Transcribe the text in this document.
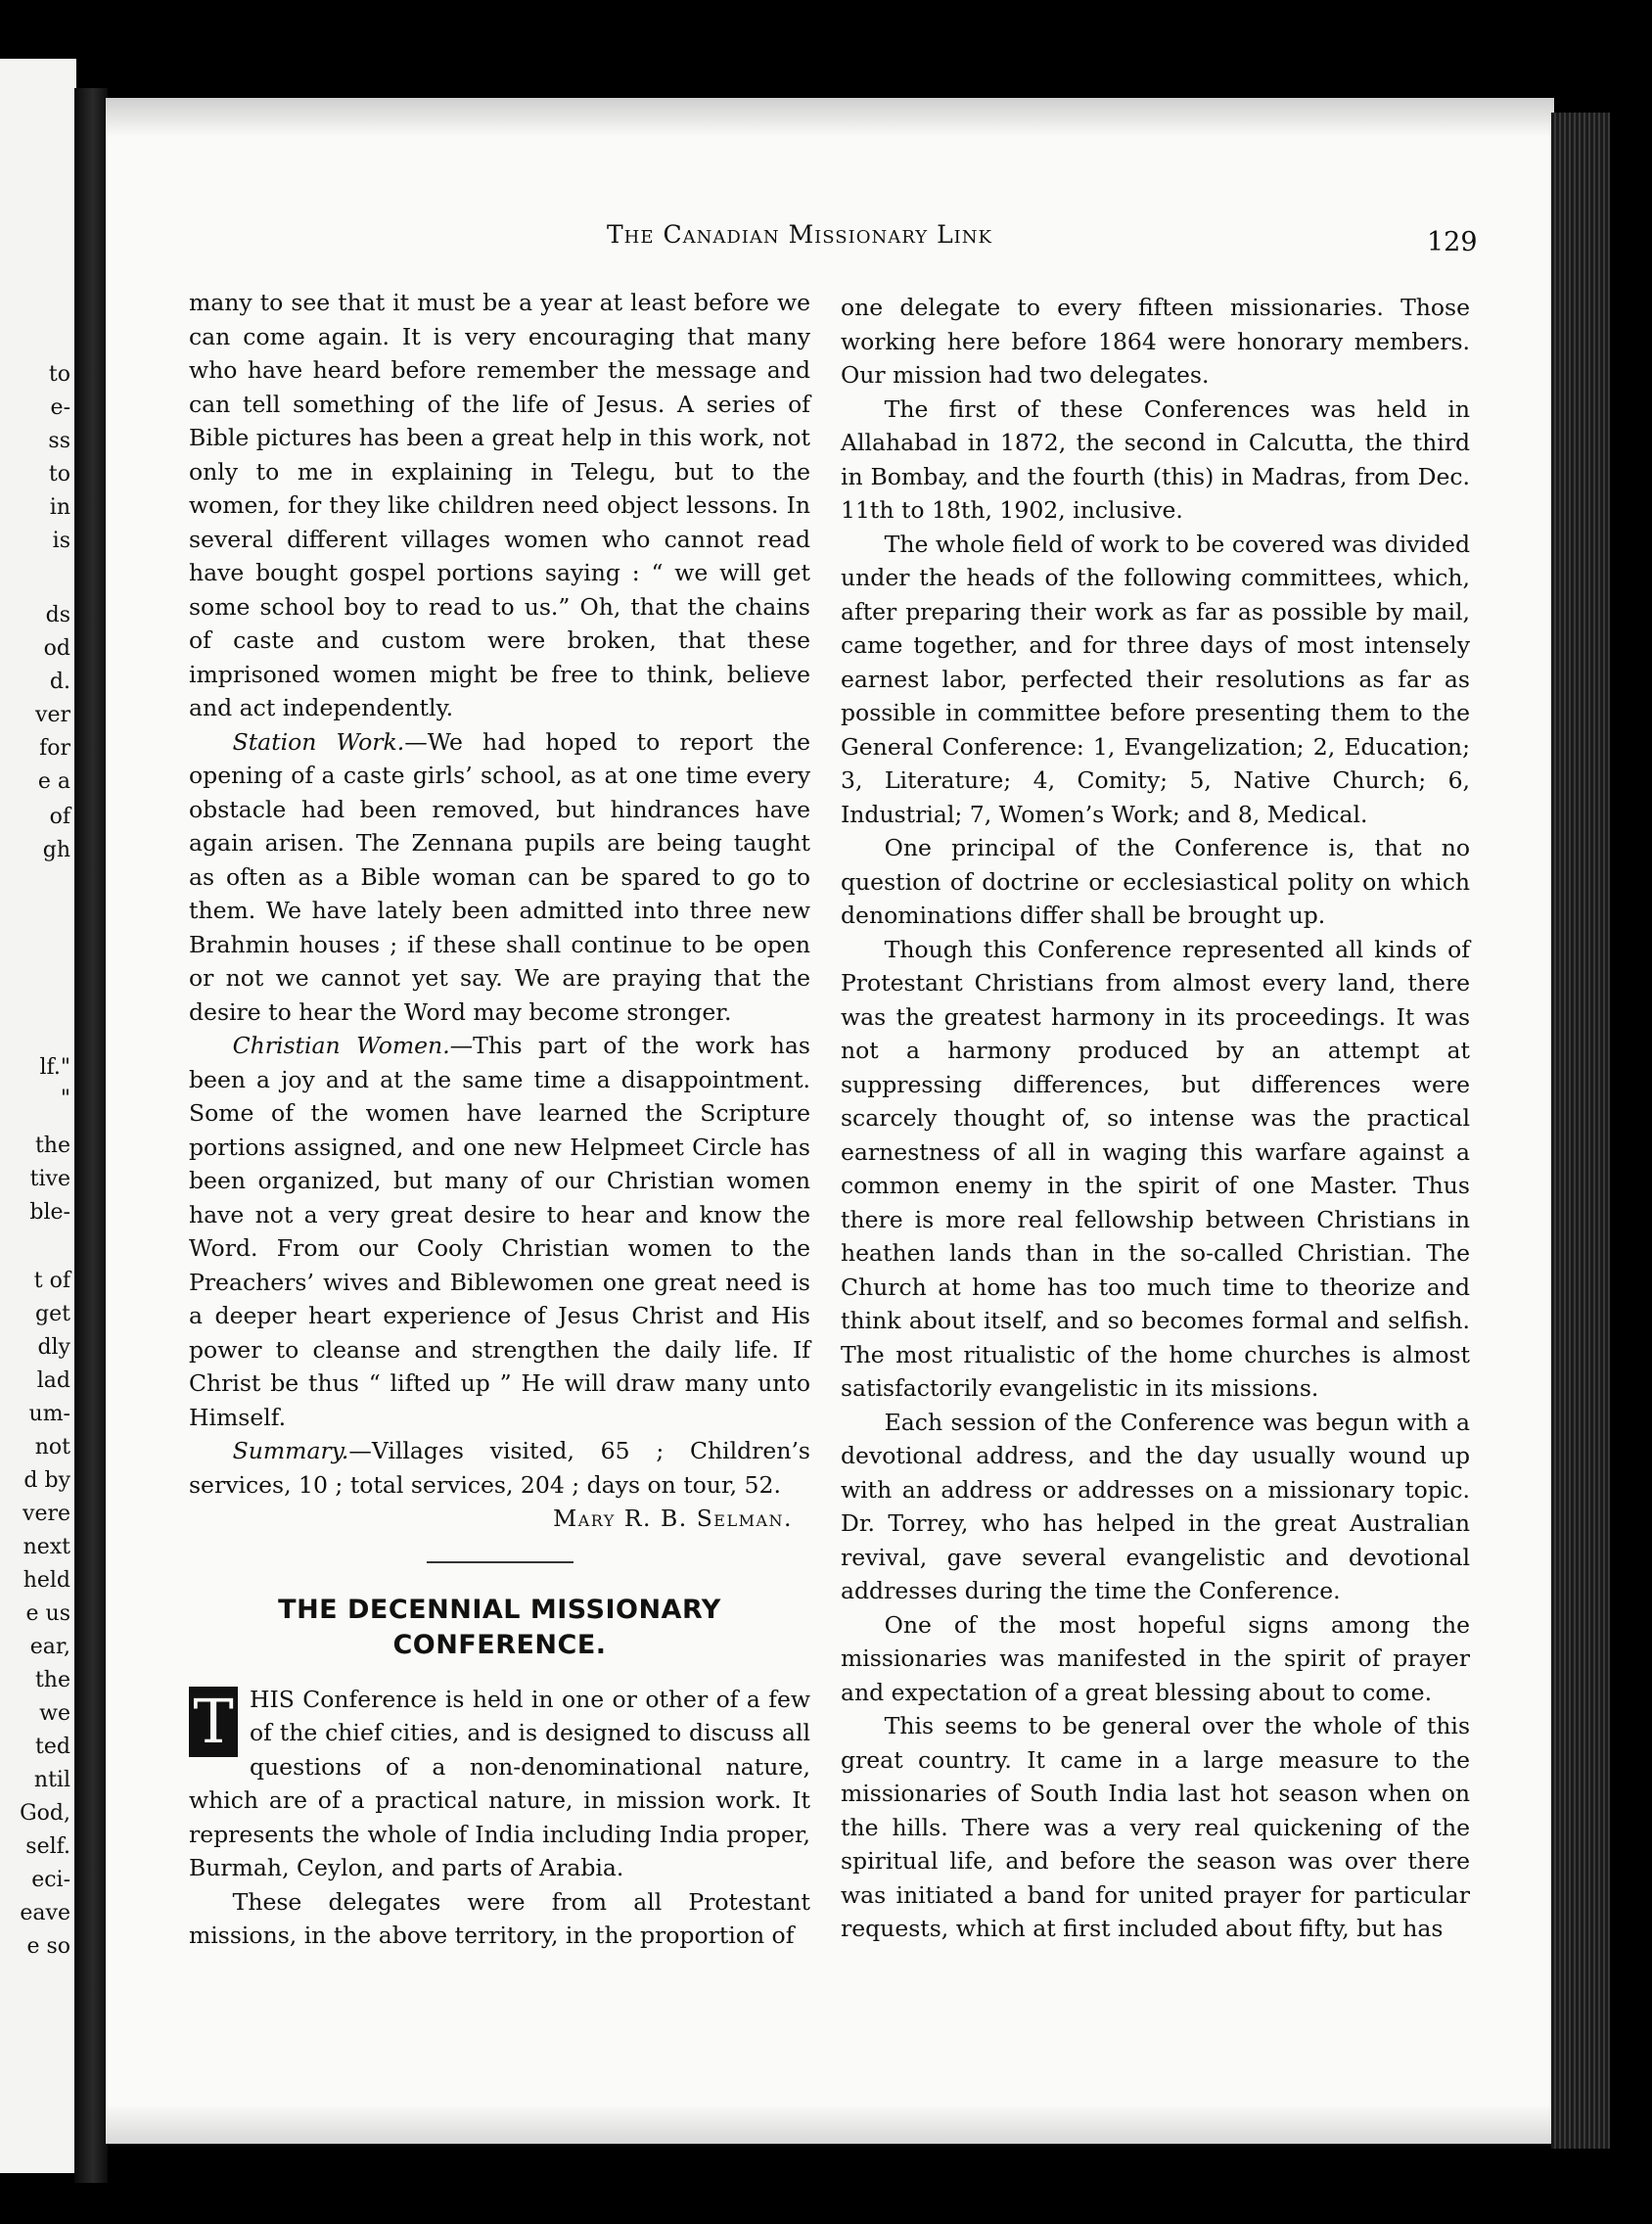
to
e-
ss
to
in
is
ds
od
d.
ver
for
e a
of
gh
lf."
"
the
tive
ble-
t of
get
dly
lad
um-
not
d by
vere
next
held
e us
ear,
the
we
ted
ntil
God,
self.
eci-
eave
e so
The Canadian Missionary Link	129

many to see that it must be a year at least before we can come again. It is very encouraging that many who have heard before remember the message and can tell something of the life of Jesus. A series of Bible pictures has been a great help in this work, not only to me in explaining in Telegu, but to the women, for they like children need object lessons. In several different villages women who cannot read have bought gospel portions saying : “ we will get some school boy to read to us.” Oh, that the chains of caste and custom were broken, that these imprisoned women might be free to think, believe and act independently.

Station Work.—We had hoped to report the opening of a caste girls’ school, as at one time every obstacle had been removed, but hindrances have again arisen. The Zennana pupils are being taught as often as a Bible woman can be spared to go to them. We have lately been admitted into three new Brahmin houses ; if these shall continue to be open or not we cannot yet say. We are praying that the desire to hear the Word may become stronger.

Christian Women.—This part of the work has been a joy and at the same time a disappointment. Some of the women have learned the Scripture portions assigned, and one new Helpmeet Circle has been organized, but many of our Christian women have not a very great desire to hear and know the Word. From our Cooly Christian women to the Preachers’ wives and Biblewomen one great need is a deeper heart experience of Jesus Christ and His power to cleanse and strengthen the daily life. If Christ be thus “ lifted up ” He will draw many unto Himself.

Summary.—Villages visited, 65 ; Children’s services, 10 ; total services, 204 ; days on tour, 52.

Mary R. B. Selman.

THE DECENNIAL MISSIONARY
CONFERENCE.

T HIS Conference is held in one or other of a few of the chief cities, and is designed to discuss all questions of a non-denominational nature, which are of a practical nature, in mission work. It represents the whole of India including India proper, Burmah, Ceylon, and parts of Arabia.

These delegates were from all Protestant missions, in the above territory, in the proportion of

one delegate to every fifteen missionaries. Those working here before 1864 were honorary members. Our mission had two delegates.

The first of these Conferences was held in Allahabad in 1872, the second in Calcutta, the third in Bombay, and the fourth (this) in Madras, from Dec. 11th to 18th, 1902, inclusive.

The whole field of work to be covered was divided under the heads of the following committees, which, after preparing their work as far as possible by mail, came together, and for three days of most intensely earnest labor, perfected their resolutions as far as possible in committee before presenting them to the General Conference: 1, Evangelization; 2, Education; 3, Literature; 4, Comity; 5, Native Church; 6, Industrial; 7, Women’s Work; and 8, Medical.

One principal of the Conference is, that no question of doctrine or ecclesiastical polity on which denominations differ shall be brought up.

Though this Conference represented all kinds of Protestant Christians from almost every land, there was the greatest harmony in its proceedings. It was not a harmony produced by an attempt at suppressing differences, but differences were scarcely thought of, so intense was the practical earnestness of all in waging this warfare against a common enemy in the spirit of one Master. Thus there is more real fellowship between Christians in heathen lands than in the so-called Christian. The Church at home has too much time to theorize and think about itself, and so becomes formal and selfish. The most ritualistic of the home churches is almost satisfactorily evangelistic in its missions.

Each session of the Conference was begun with a devotional address, and the day usually wound up with an address or addresses on a missionary topic. Dr. Torrey, who has helped in the great Australian revival, gave several evangelistic and devotional addresses during the time the Conference.

One of the most hopeful signs among the missionaries was manifested in the spirit of prayer and expectation of a great blessing about to come.

This seems to be general over the whole of this great country. It came in a large measure to the missionaries of South India last hot season when on the hills. There was a very real quickening of the spiritual life, and before the season was over there was initiated a band for united prayer for particular requests, which at first included about fifty, but has
